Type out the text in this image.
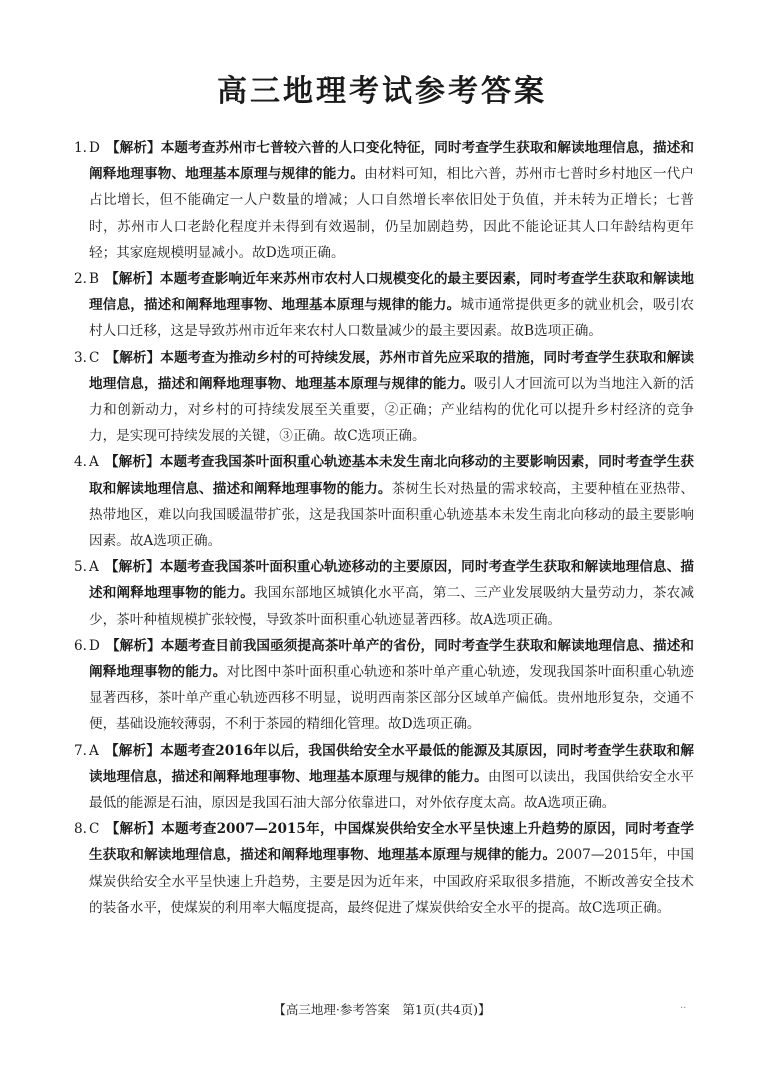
高三地理考试参考答案
1. D 【解析】本题考查苏州市七普较六普的人口变化特征，同时考查学生获取和解读地理信息，描述和阐释地理事物、地理基本原理与规律的能力。由材料可知，相比六普，苏州市七普时乡村地区一代户占比增长，但不能确定一人户数量的增减；人口自然增长率依旧处于负值，并未转为正增长；七普时，苏州市人口老龄化程度并未得到有效遏制，仍呈加剧趋势，因此不能论证其人口年龄结构更年轻；其家庭规模明显减小。故D选项正确。
2. B 【解析】本题考查影响近年来苏州市农村人口规模变化的最主要因素，同时考查学生获取和解读地理信息，描述和阐释地理事物、地理基本原理与规律的能力。城市通常提供更多的就业机会，吸引农村人口迁移，这是导致苏州市近年来农村人口数量减少的最主要因素。故B选项正确。
3. C 【解析】本题考查为推动乡村的可持续发展，苏州市首先应采取的措施，同时考查学生获取和解读地理信息，描述和阐释地理事物、地理基本原理与规律的能力。吸引人才回流可以为当地注入新的活力和创新动力，对乡村的可持续发展至关重要，②正确；产业结构的优化可以提升乡村经济的竞争力，是实现可持续发展的关键，③正确。故C选项正确。
4. A 【解析】本题考查我国茶叶面积重心轨迹基本未发生南北向移动的主要影响因素，同时考查学生获取和解读地理信息、描述和阐释地理事物的能力。茶树生长对热量的需求较高，主要种植在亚热带、热带地区，难以向我国暖温带扩张，这是我国茶叶面积重心轨迹基本未发生南北向移动的最主要影响因素。故A选项正确。
5. A 【解析】本题考查我国茶叶面积重心轨迹移动的主要原因，同时考查学生获取和解读地理信息、描述和阐释地理事物的能力。我国东部地区城镇化水平高，第二、三产业发展吸纳大量劳动力，茶农减少，茶叶种植规模扩张较慢，导致茶叶面积重心轨迹显著西移。故A选项正确。
6. D 【解析】本题考查目前我国亟须提高茶叶单产的省份，同时考查学生获取和解读地理信息、描述和阐释地理事物的能力。对比图中茶叶面积重心轨迹和茶叶单产重心轨迹，发现我国茶叶面积重心轨迹显著西移，茶叶单产重心轨迹西移不明显，说明西南茶区部分区域单产偏低。贵州地形复杂，交通不便，基础设施较薄弱，不利于茶园的精细化管理。故D选项正确。
7. A 【解析】本题考查2016年以后，我国供给安全水平最低的能源及其原因，同时考查学生获取和解读地理信息，描述和阐释地理事物、地理基本原理与规律的能力。由图可以读出，我国供给安全水平最低的能源是石油，原因是我国石油大部分依靠进口，对外依存度太高。故A选项正确。
8. C 【解析】本题考查2007—2015年，中国煤炭供给安全水平呈快速上升趋势的原因，同时考查学生获取和解读地理信息，描述和阐释地理事物、地理基本原理与规律的能力。2007—2015年，中国煤炭供给安全水平呈快速上升趋势，主要是因为近年来，中国政府采取很多措施，不断改善安全技术的装备水平，使煤炭的利用率大幅度提高，最终促进了煤炭供给安全水平的提高。故C选项正确。
【高三地理·参考答案　第1页(共4页)】	··
